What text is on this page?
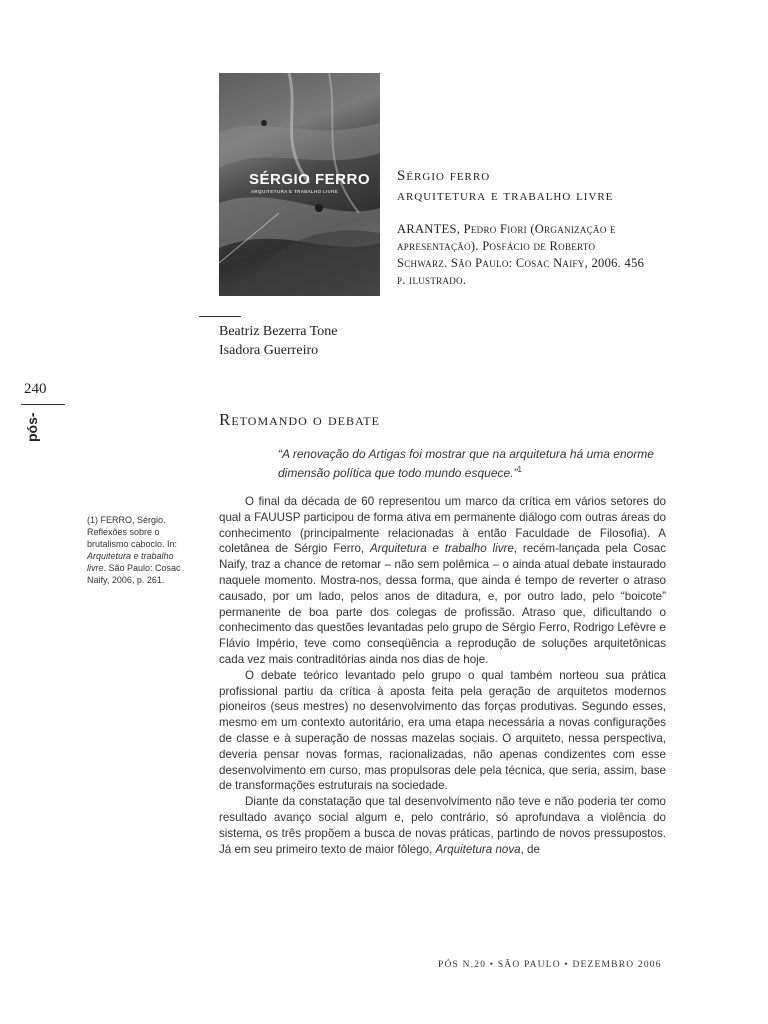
SÉRGIO FERRO
ARQUITETURA E TRABALHO LIVRE
Sérgio ferro
arquitetura e trabalho livre
ARANTES, Pedro Fiori (Organização e apresentação). Posfácio de Roberto Schwarz. São Paulo: Cosac Naify, 2006. 456 p. ilustrado.
Beatriz Bezerra Tone
Isadora Guerreiro
240
pós-	Retomando o debate
“A renovação do Artigas foi mostrar que na arquitetura há uma enorme dimensão política que todo mundo esquece.”$^1$
(1) FERRO, Sérgio. Reflexões sobre o brutalismo caboclo. In: Arquitetura e trabalho livre. São Paulo: Cosac Naify, 2006, p. 261.

O final da década de 60 representou um marco da crítica em vários setores do qual a FAUUSP participou de forma ativa em permanente diálogo com outras áreas do conhecimento (principalmente relacionadas à então Faculdade de Filosofia). A coletânea de Sérgio Ferro, Arquitetura e trabalho livre, recém-lançada pela Cosac Naify, traz a chance de retomar – não sem polêmica – o ainda atual debate instaurado naquele momento. Mostra-nos, dessa forma, que ainda é tempo de reverter o atraso causado, por um lado, pelos anos de ditadura, e, por outro lado, pelo “boicote” permanente de boa parte dos colegas de profissão. Atraso que, dificultando o conhecimento das questões levantadas pelo grupo de Sérgio Ferro, Rodrigo Lefèvre e Flávio Império, teve como conseqüência a reprodução de soluções arquitetônicas cada vez mais contraditórias ainda nos dias de hoje.

O debate teórico levantado pelo grupo o qual também norteou sua prática profissional partiu da crítica à aposta feita pela geração de arquitetos modernos pioneiros (seus mestres) no desenvolvimento das forças produtivas. Segundo esses, mesmo em um contexto autoritário, era uma etapa necessária a novas configurações de classe e à superação de nossas mazelas sociais. O arquiteto, nessa perspectiva, deveria pensar novas formas, racionalizadas, não apenas condizentes com esse desenvolvimento em curso, mas propulsoras dele pela técnica, que seria, assim, base de transformações estruturais na sociedade.

Diante da constatação que tal desenvolvimento não teve e não poderia ter como resultado avanço social algum e, pelo contrário, só aprofundava a violência do sistema, os três propõem a busca de novas práticas, partindo de novos pressupostos. Já em seu primeiro texto de maior fôlego, Arquitetura nova, de

PÓS N.20 • SÃO PAULO • DEZEMBRO 2006
